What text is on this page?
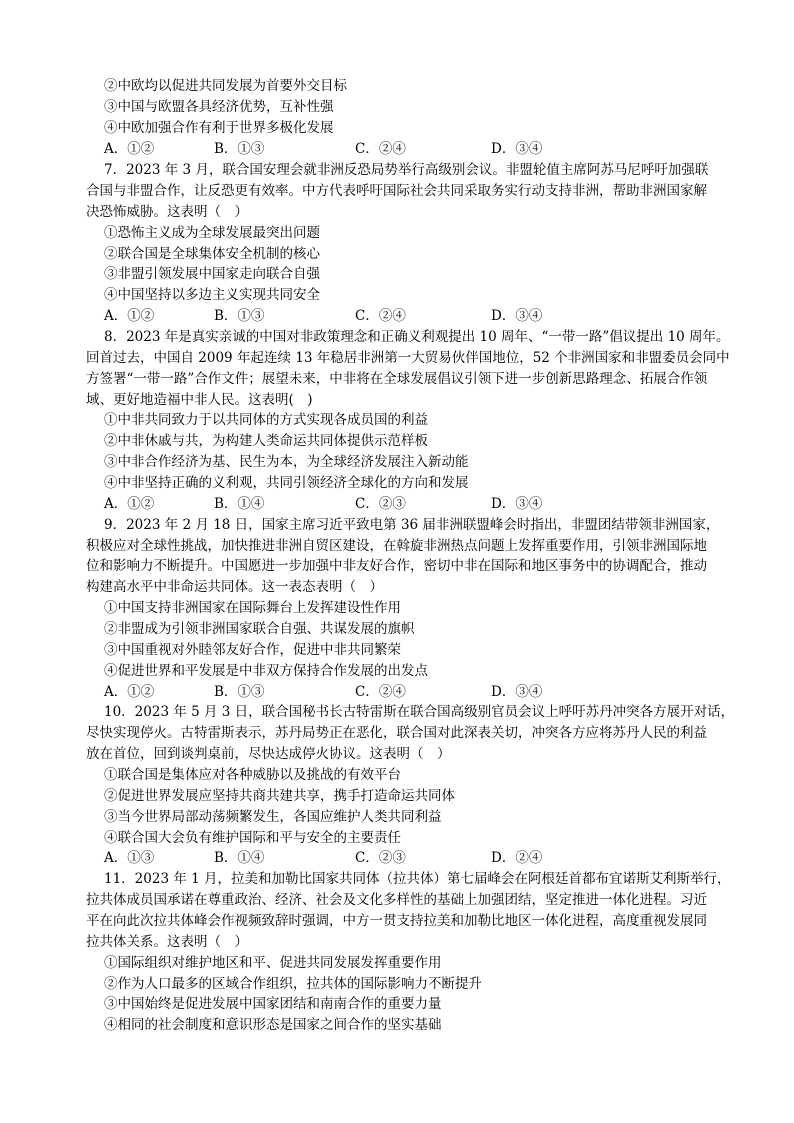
②中欧均以促进共同发展为首要外交目标
③中国与欧盟各具经济优势，互补性强
④中欧加强合作有利于世界多极化发展
A．①②	B．①③	C．②④	D．③④
7．2023 年 3 月，联合国安理会就非洲反恐局势举行高级别会议。非盟轮值主席阿苏马尼呼吁加强联
合国与非盟合作，让反恐更有效率。中方代表呼吁国际社会共同采取务实行动支持非洲，帮助非洲国家解
决恐怖威胁。这表明（　）
①恐怖主义成为全球发展最突出问题
②联合国是全球集体安全机制的核心
③非盟引领发展中国家走向联合自强
④中国坚持以多边主义实现共同安全
A．①②	B．①③	C．②④	D．③④
8．2023 年是真实亲诚的中国对非政策理念和正确义利观提出 10 周年、“一带一路”倡议提出 10 周年。
回首过去，中国自 2009 年起连续 13 年稳居非洲第一大贸易伙伴国地位，52 个非洲国家和非盟委员会同中
方签署“一带一路”合作文件；展望未来，中非将在全球发展倡议引领下进一步创新思路理念、拓展合作领
域、更好地造福中非人民。这表明(　)
①中非共同致力于以共同体的方式实现各成员国的利益
②中非休戚与共，为构建人类命运共同体提供示范样板
③中非合作经济为基、民生为本，为全球经济发展注入新动能
④中非坚持正确的义利观，共同引领经济全球化的方向和发展
A．①②	B．①④	C．②③	D．③④
9．2023 年 2 月 18 日，国家主席习近平致电第 36 届非洲联盟峰会时指出，非盟团结带领非洲国家，
积极应对全球性挑战，加快推进非洲自贸区建设，在斡旋非洲热点问题上发挥重要作用，引领非洲国际地
位和影响力不断提升。中国愿进一步加强中非友好合作，密切中非在国际和地区事务中的协调配合，推动
构建高水平中非命运共同体。这一表态表明（　）
①中国支持非洲国家在国际舞台上发挥建设性作用
②非盟成为引领非洲国家联合自强、共谋发展的旗帜
③中国重视对外睦邻友好合作，促进中非共同繁荣
④促进世界和平发展是中非双方保持合作发展的出发点
A．①②	B．①③	C．②④	D．③④
10．2023 年 5 月 3 日，联合国秘书长古特雷斯在联合国高级别官员会议上呼吁苏丹冲突各方展开对话，
尽快实现停火。古特雷斯表示，苏丹局势正在恶化，联合国对此深表关切，冲突各方应将苏丹人民的利益
放在首位，回到谈判桌前，尽快达成停火协议。这表明（　）
①联合国是集体应对各种威胁以及挑战的有效平台
②促进世界发展应坚持共商共建共享，携手打造命运共同体
③当今世界局部动荡频繁发生，各国应维护人类共同利益
④联合国大会负有维护国际和平与安全的主要责任
A．①③	B．①④	C．②③	D．②④
11．2023 年 1 月，拉美和加勒比国家共同体（拉共体）第七届峰会在阿根廷首都布宜诺斯艾利斯举行，
拉共体成员国承诺在尊重政治、经济、社会及文化多样性的基础上加强团结，坚定推进一体化进程。习近
平在向此次拉共体峰会作视频致辞时强调，中方一贯支持拉美和加勒比地区一体化进程，高度重视发展同
拉共体关系。这表明（　）
①国际组织对维护地区和平、促进共同发展发挥重要作用
②作为人口最多的区域合作组织，拉共体的国际影响力不断提升
③中国始终是促进发展中国家团结和南南合作的重要力量
④相同的社会制度和意识形态是国家之间合作的坚实基础
